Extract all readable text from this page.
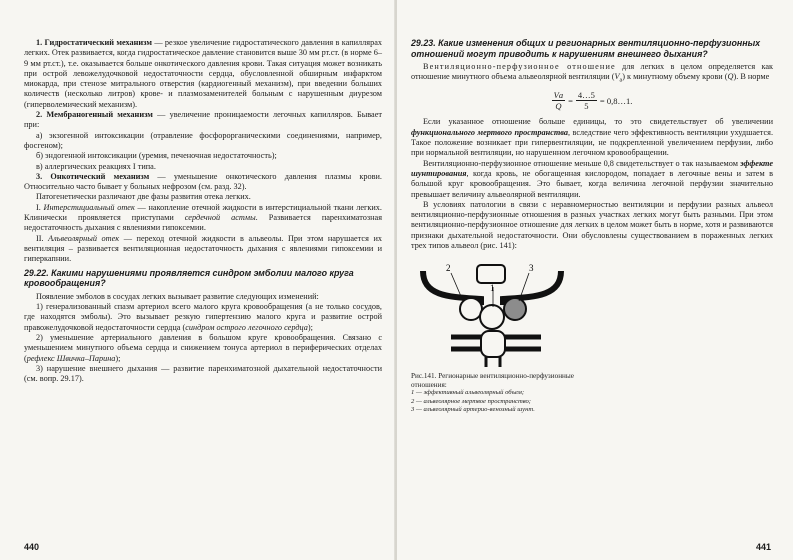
1. Гидростатический механизм — резкое увеличение гидростатического давления в капиллярах легких. Отек развивается, когда гидростатическое давление становится выше 30 мм рт.ст. (в норме 6–9 мм рт.ст.), т.е. оказывается больше онкотического давления крови. Такая ситуация может возникать при острой левожелудочковой недостаточности сердца, обусловленной обширным инфарктом миокарда, при стенозе митрального отверстия (кардиогенный механизм), при введении больших количеств (несколько литров) крове- и плазмозаменителей больным с нарушенным диурезом (гиперволемический механизм).

2. Мембраногенный механизм — увеличение проницаемости легочных капилляров. Бывает при:

а) экзогенной интоксикации (отравление фосфорорганическими соединениями, например, фосгеном);

б) эндогенной интоксикации (уремия, печеночная недостаточность);

в) аллергических реакциях I типа.

3. Онкотический механизм — уменьшение онкотического давления плазмы крови. Относительно часто бывает у больных нефрозом (см. разд. 32).

Патогенетически различают две фазы развития отека легких.

I. Интерстициальный отек — накопление отечной жидкости в интерстициальной ткани легких. Клинически проявляется приступами сердечной астмы. Развивается паренхиматозная недостаточность дыхания с явлениями гипоксемии.

II. Альвеолярный отек — переход отечной жидкости в альвеолы. При этом нарушается их вентиляция – развивается вентиляционная недостаточность дыхания с явлениями гипоксемии и гиперкапнии.

29.22. Какими нарушениями проявляется синдром эмболии малого круга кровообращения?

Появление эмболов в сосудах легких вызывает развитие следующих изменений:

1) генерализованный спазм артериол всего малого круга кровообращения (а не только сосудов, где находятся эмболы). Это вызывает резкую гипертензию малого круга и развитие острой правожелудочковой недостаточности сердца (синдром острого легочного сердца);

2) уменьшение артериального давления в большом круге кровообращения. Связано с уменьшением минутного объема сердца и снижением тонуса артериол в периферических отделах (рефлекс Швичка–Парина);

3) нарушение внешнего дыхания — развитие паренхиматозной дыхательной недостаточности (см. вопр. 29.17).

440
29.23. Какие изменения общих и регионарных вентиляционно-перфузионных отношений могут приводить к нарушениям внешнего дыхания?

Вентиляционно-перфузионное отношение для легких в целом определяется как отношение минутного объема альвеолярной вентиляции $(V_a)$ к минутному объему крови (Q). В норме

$\frac{Vа}{Q} = \frac{4\dots 5}{5}$ = 0,8…1.

Если указанное отношение больше единицы, то это свидетельствует об увеличении функционального мертвого пространства, вследствие чего эффективность вентиляции ухудшается. Такое положение возникает при гипервентиляции, не подкрепленной увеличением перфузии, либо при нормальной вентиляции, но нарушенном легочном кровообращении.

Вентиляционно-перфузионное отношение меньше 0,8 свидетельствует о так называемом эффекте шунтирования, когда кровь, не обогащенная кислородом, попадает в легочные вены и затем в большой круг кровообращения. Это бывает, когда величина легочной перфузии значительно превышает величину альвеолярной вентиляции.

В условиях патологии в связи с неравномерностью вентиляции и перфузии разных альвеол вентиляционно-перфузионные отношения в разных участках легких могут быть разными. При этом вентиляционно-перфузионное отношение для легких в целом может быть в норме, хотя и развиваются признаки дыхательной недостаточности. Они обусловлены существованием в пораженных легких трех типов альвеол (рис. 141):

2
1
3
Рис.141. Регионарные вентиляционно-перфузионные отношения:
1 — эффективный альвеолярный объем;
2 — альвеолярное мертвое пространство;
3 — альвеолярный артерио-венозный шунт.
441
